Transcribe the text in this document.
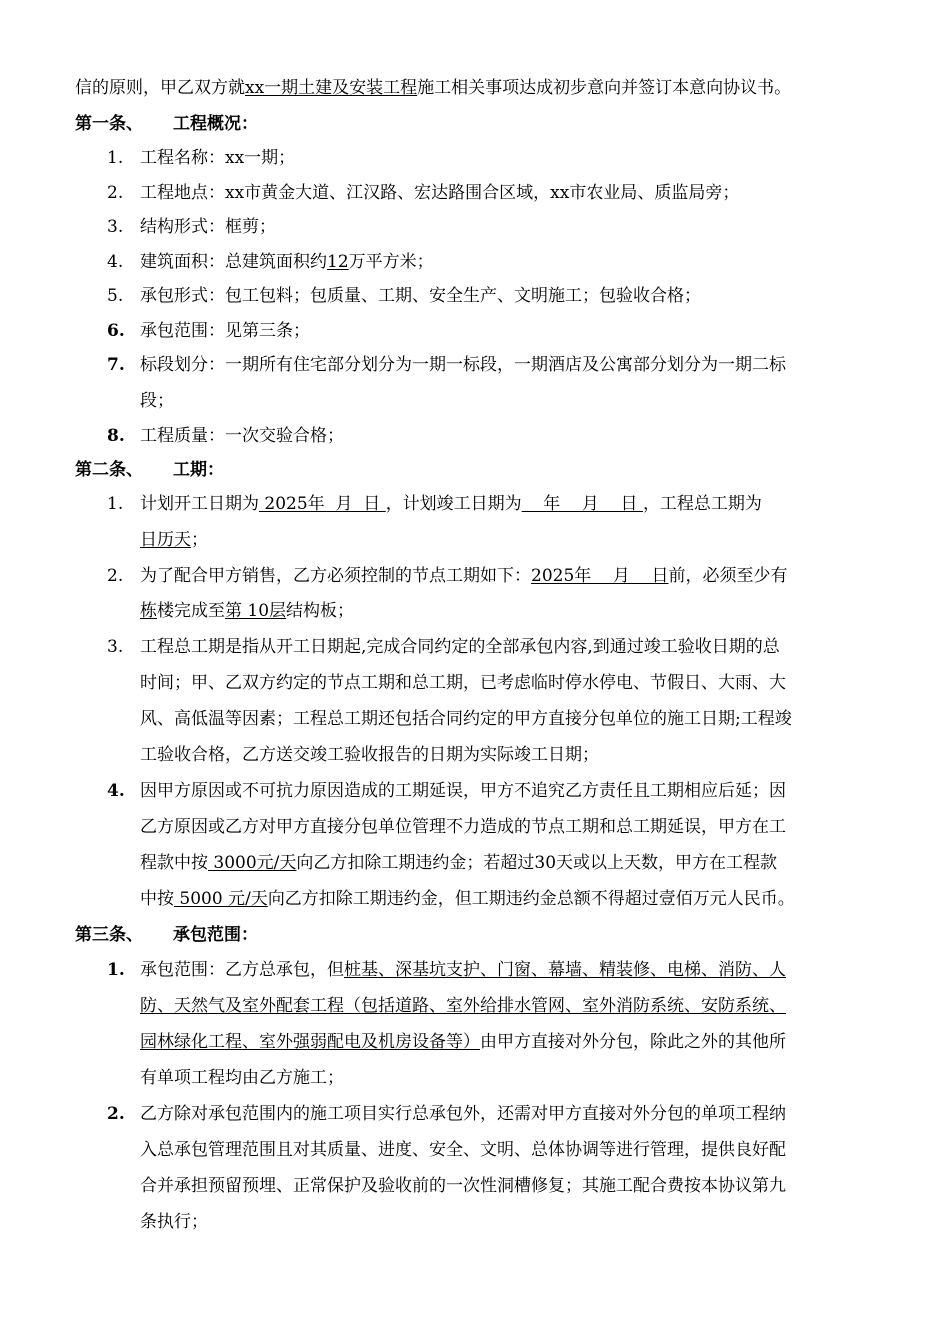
信的原则，甲乙双方就xx一期土建及安装工程施工相关事项达成初步意向并签订本意向协议书。
第一条、 工程概况：
1. 工程名称：xx一期；
2. 工程地点：xx市黄金大道、江汉路、宏达路围合区域，xx市农业局、质监局旁；
3. 结构形式：框剪；
4. 建筑面积：总建筑面积约12万平方米；
5. 承包形式：包工包料；包质量、工期、安全生产、文明施工；包验收合格；
6. 承包范围：见第三条；
7. 标段划分：一期所有住宅部分划分为一期一标段，一期酒店及公寓部分划分为一期二标
段；
8. 工程质量：一次交验合格；
第二条、 工期：
1. 计划开工日期为 2025年  月  日 ，计划竣工日期为    年    月    日 ，工程总工期为
日历天；
2. 为了配合甲方销售，乙方必须控制的节点工期如下：2025年    月    日前，必须至少有
栋楼完成至第 10层结构板；
3. 工程总工期是指从开工日期起,完成合同约定的全部承包内容,到通过竣工验收日期的总
时间；甲、乙双方约定的节点工期和总工期，已考虑临时停水停电、节假日、大雨、大
风、高低温等因素；工程总工期还包括合同约定的甲方直接分包单位的施工日期;工程竣
工验收合格，乙方送交竣工验收报告的日期为实际竣工日期；
4. 因甲方原因或不可抗力原因造成的工期延误，甲方不追究乙方责任且工期相应后延；因
乙方原因或乙方对甲方直接分包单位管理不力造成的节点工期和总工期延误，甲方在工
程款中按 3000元/天向乙方扣除工期违约金；若超过30天或以上天数，甲方在工程款
中按 5000 元/天向乙方扣除工期违约金，但工期违约金总额不得超过壹佰万元人民币。
第三条、 承包范围：
1. 承包范围：乙方总承包，但桩基、深基坑支护、门窗、幕墙、精装修、电梯、消防、人
防、天然气及室外配套工程（包括道路、室外给排水管网、室外消防系统、安防系统、
园林绿化工程、室外强弱配电及机房设备等）由甲方直接对外分包，除此之外的其他所
有单项工程均由乙方施工；
2. 乙方除对承包范围内的施工项目实行总承包外，还需对甲方直接对外分包的单项工程纳
入总承包管理范围且对其质量、进度、安全、文明、总体协调等进行管理，提供良好配
合并承担预留预埋、正常保护及验收前的一次性洞槽修复；其施工配合费按本协议第九
条执行；
